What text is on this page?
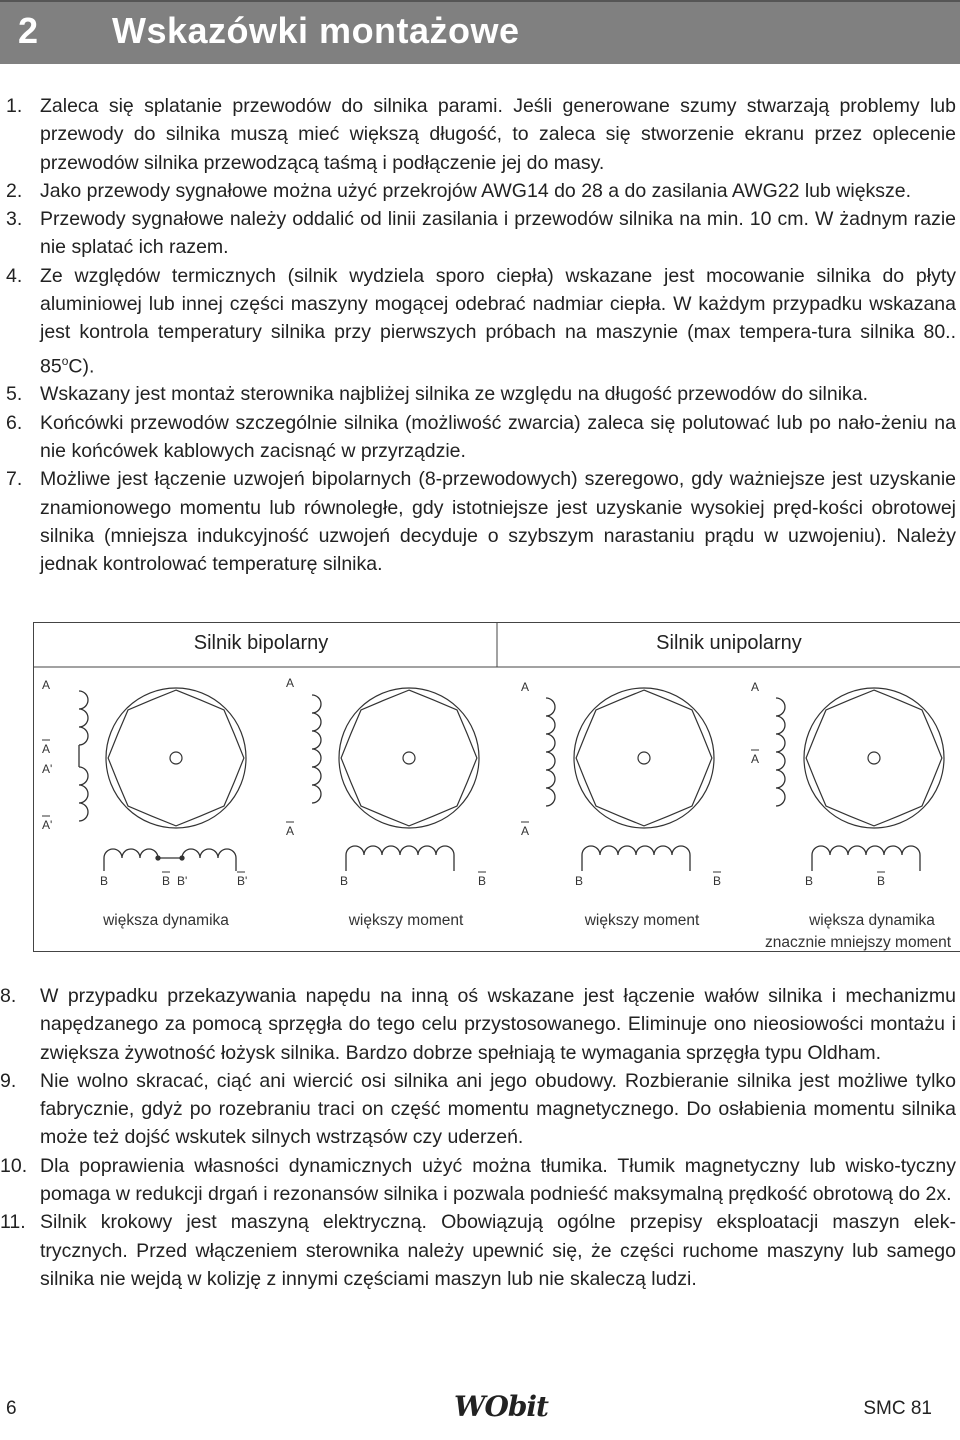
2 Wskazówki montażowe
1. Zaleca się splatanie przewodów do silnika parami. Jeśli generowane szumy stwarzają problemy lub przewody do silnika muszą mieć większą długość, to zaleca się stworzenie ekranu przez oplecenie przewodów silnika przewodzącą taśmą i podłączenie jej do masy.
2. Jako przewody sygnałowe można użyć przekrojów AWG14 do 28 a do zasilania AWG22 lub większe.
3. Przewody sygnałowe należy oddalić od linii zasilania i przewodów silnika na min. 10 cm. W żadnym razie nie splatać ich razem.
4. Ze względów termicznych (silnik wydziela sporo ciepła) wskazane jest mocowanie silnika do płyty aluminiowej lub innej części maszyny mogącej odebrać nadmiar ciepła. W każdym przypadku wskazana jest kontrola temperatury silnika przy pierwszych próbach na maszynie (max tempera-tura silnika 80.. 85$^o$C).
5. Wskazany jest montaż sterownika najbliżej silnika ze względu na długość przewodów do silnika.
6. Końcówki przewodów szczególnie silnika (możliwość zwarcia) zaleca się polutować lub po nało-żeniu na nie końcówek kablowych zacisnąć w przyrządzie.
7. Możliwe jest łączenie uzwojeń bipolarnych (8-przewodowych) szeregowo, gdy ważniejsze jest uzyskanie znamionowego momentu lub równoległe, gdy istotniejsze jest uzyskanie wysokiej pręd-kości obrotowej silnika (mniejsza indukcyjność uzwojeń decyduje o szybszym narastaniu prądu w uzwojeniu). Należy jednak kontrolować temperaturę silnika.
Silnik bipolarny	Silnik unipolarny
A
A
A'
A'
B	B B'	B'
A
A
B	B
A
A
B	B
A
A
B	B
większa dynamika	większy moment	większy moment	większa dynamika
znacznie mniejszy moment
8. W przypadku przekazywania napędu na inną oś wskazane jest łączenie wałów silnika i mechanizmu napędzanego za pomocą sprzęgła do tego celu przystosowanego. Eliminuje ono nieosiowości montażu i zwiększa żywotność łożysk silnika. Bardzo dobrze spełniają te wymagania sprzęgła typu Oldham.
9. Nie wolno skracać, ciąć ani wiercić osi silnika ani jego obudowy. Rozbieranie silnika jest możliwe tylko fabrycznie, gdyż po rozebraniu traci on część momentu magnetycznego. Do osłabienia momentu silnika może też dojść wskutek silnych wstrząsów czy uderzeń.
10. Dla poprawienia własności dynamicznych użyć można tłumika. Tłumik magnetyczny lub wisko-tyczny pomaga w redukcji drgań i rezonansów silnika i pozwala podnieść maksymalną prędkość obrotową do 2x.
11. Silnik krokowy jest maszyną elektryczną. Obowiązują ogólne przepisy eksploatacji maszyn elek-trycznych. Przed włączeniem sterownika należy upewnić się, że części ruchome maszyny lub samego silnika nie wejdą w kolizję z innymi częściami maszyn lub nie skaleczą ludzi.
6	WObit	SMC 81
